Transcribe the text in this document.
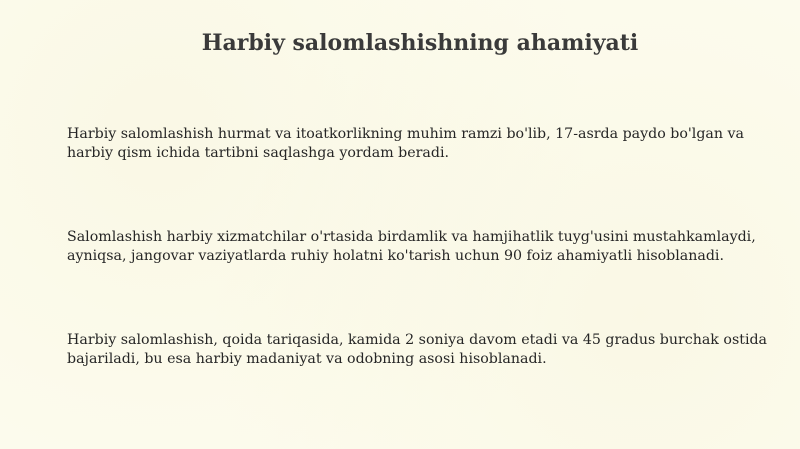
Harbiy salomlashishning ahamiyati
Harbiy salomlashish hurmat va itoatkorlikning muhim ramzi bo'lib, 17-asrda paydo bo'lgan va harbiy qism ichida tartibni saqlashga yordam beradi.
Salomlashish harbiy xizmatchilar o'rtasida birdamlik va hamjihatlik tuyg'usini mustahkamlaydi, ayniqsa, jangovar vaziyatlarda ruhiy holatni ko'tarish uchun 90 foiz ahamiyatli hisoblanadi.
Harbiy salomlashish, qoida tariqasida, kamida 2 soniya davom etadi va 45 gradus burchak ostida bajariladi, bu esa harbiy madaniyat va odobning asosi hisoblanadi.
